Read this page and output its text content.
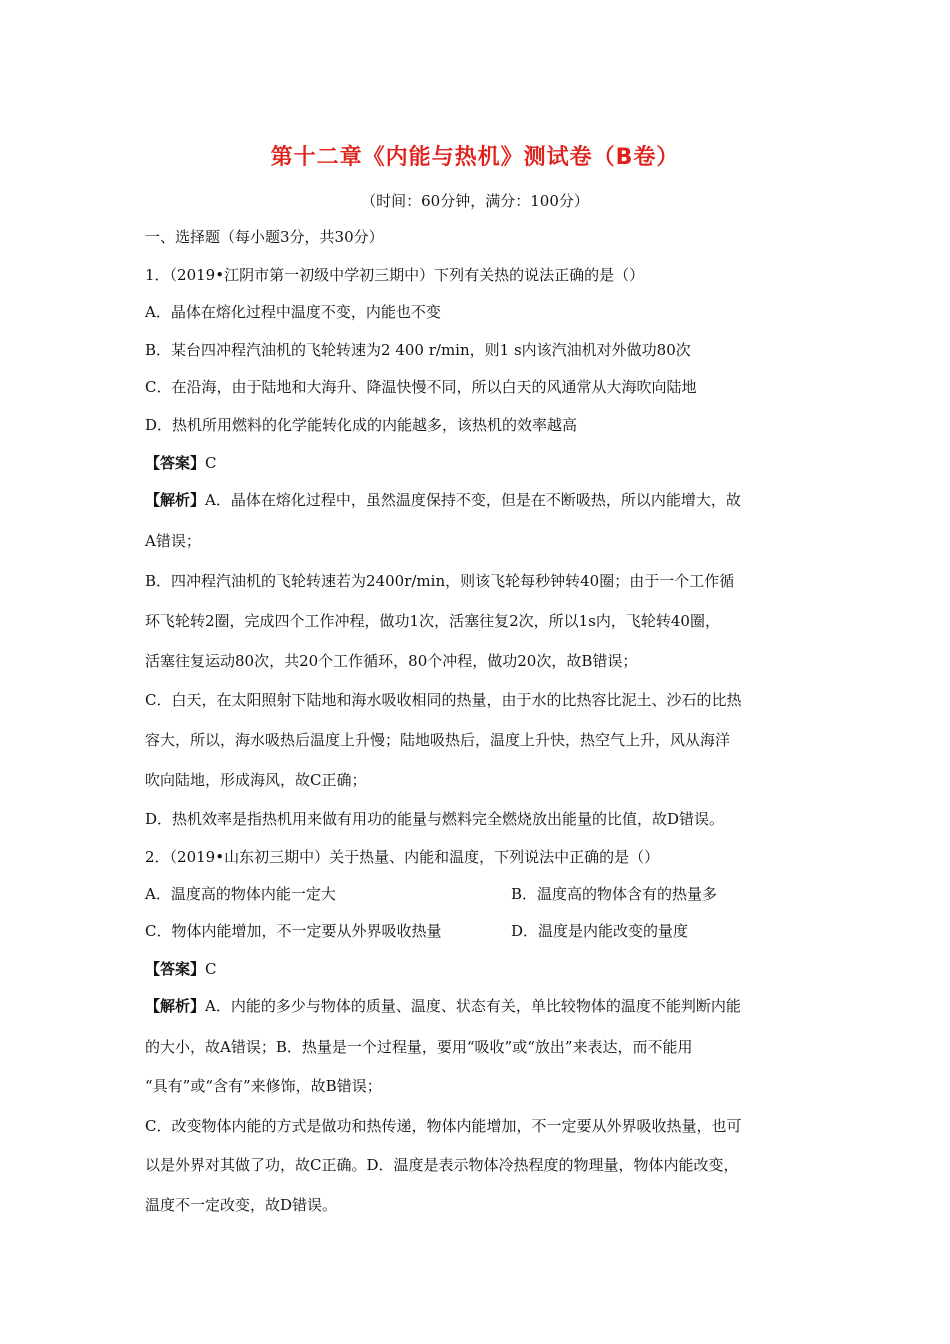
第十二章《内能与热机》测试卷（B卷）
（时间：60分钟，满分：100分）
一、选择题（每小题3分，共30分）
1．（2019•江阴市第一初级中学初三期中）下列有关热的说法正确的是（）
A．晶体在熔化过程中温度不变，内能也不变
B．某台四冲程汽油机的飞轮转速为2 400 r/min，则1 s内该汽油机对外做功80次
C．在沿海，由于陆地和大海升、降温快慢不同，所以白天的风通常从大海吹向陆地
D．热机所用燃料的化学能转化成的内能越多，该热机的效率越高
【答案】C
【解析】A．晶体在熔化过程中，虽然温度保持不变，但是在不断吸热，所以内能增大，故
A错误；
B．四冲程汽油机的飞轮转速若为2400r/min，则该飞轮每秒钟转40圈；由于一个工作循
环飞轮转2圈，完成四个工作冲程，做功1次，活塞往复2次，所以1s内，飞轮转40圈，
活塞往复运动80次，共20个工作循环，80个冲程，做功20次，故B错误；
C．白天，在太阳照射下陆地和海水吸收相同的热量，由于水的比热容比泥土、沙石的比热
容大，所以，海水吸热后温度上升慢；陆地吸热后，温度上升快，热空气上升，风从海洋
吹向陆地，形成海风，故C正确；
D．热机效率是指热机用来做有用功的能量与燃料完全燃烧放出能量的比值，故D错误。
2．（2019•山东初三期中）关于热量、内能和温度，下列说法中正确的是（）
A．温度高的物体内能一定大	B．温度高的物体含有的热量多
C．物体内能增加，不一定要从外界吸收热量	D．温度是内能改变的量度
【答案】C
【解析】A．内能的多少与物体的质量、温度、状态有关，单比较物体的温度不能判断内能
的大小，故A错误；B．热量是一个过程量，要用“吸收”或“放出”来表达，而不能用
“具有”或“含有”来修饰，故B错误；
C．改变物体内能的方式是做功和热传递，物体内能增加，不一定要从外界吸收热量，也可
以是外界对其做了功，故C正确。D．温度是表示物体冷热程度的物理量，物体内能改变，
温度不一定改变，故D错误。
